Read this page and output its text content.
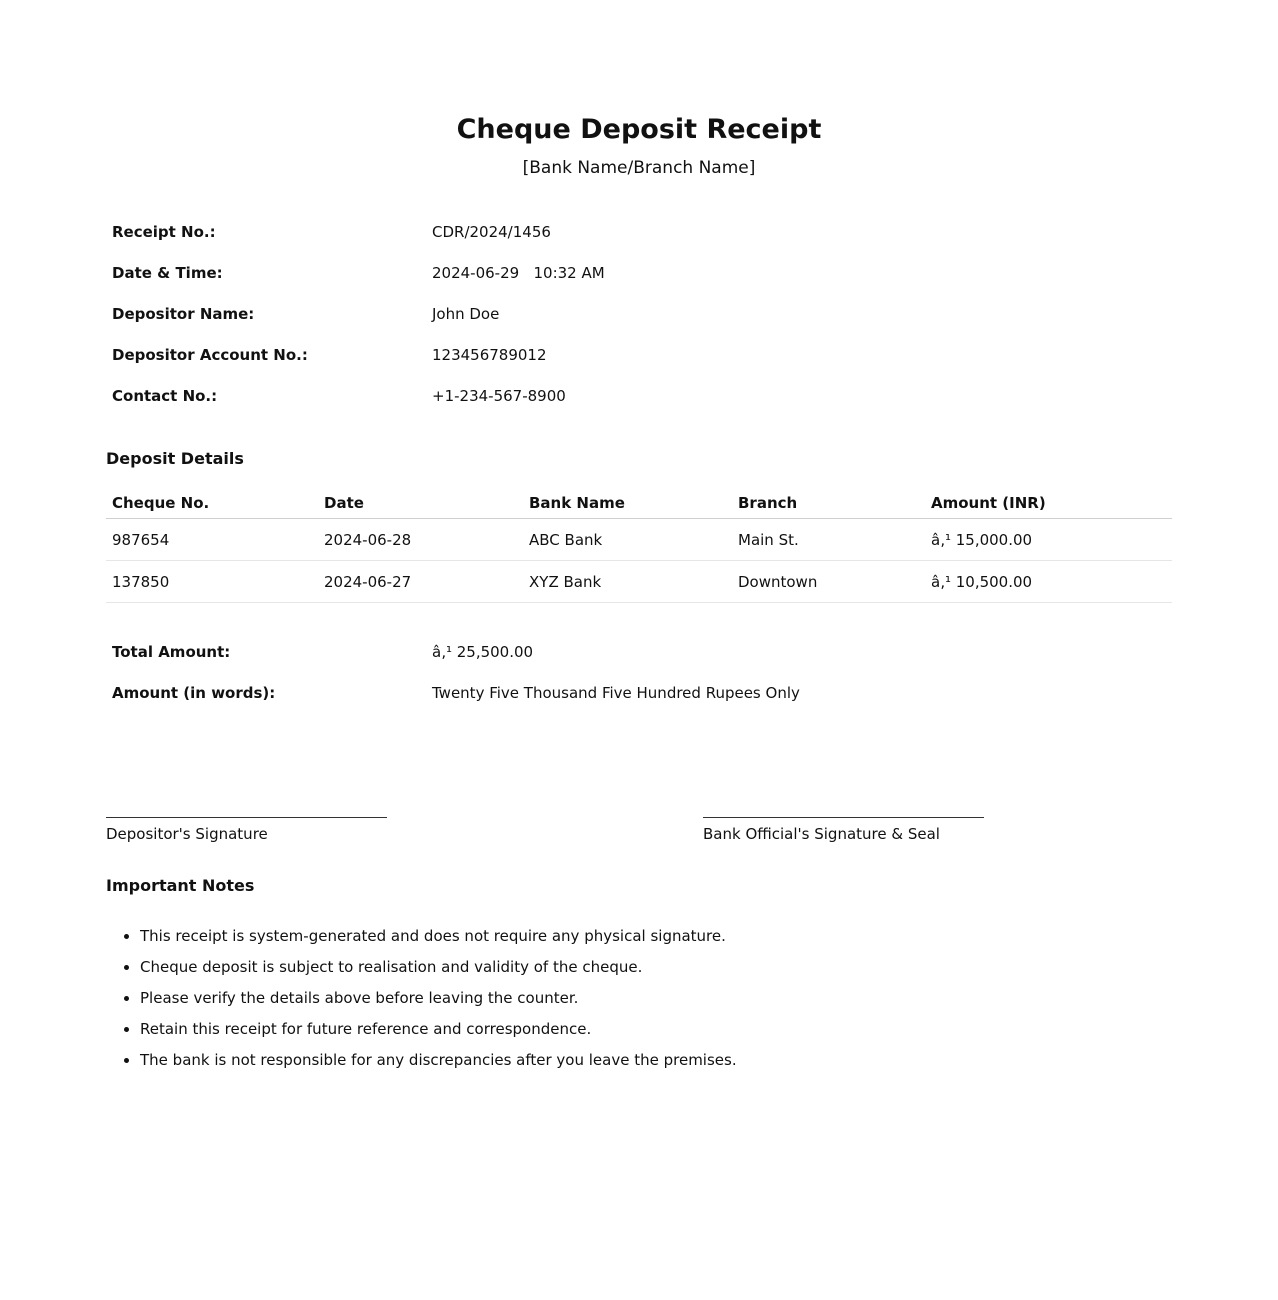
Cheque Deposit Receipt
[Bank Name/Branch Name]
Receipt No.:	CDR/2024/1456
Date & Time:	2024-06-29   10:32 AM
Depositor Name:	John Doe
Depositor Account No.:	123456789012
Contact No.:	+1-234-567-8900
Deposit Details
Cheque No.	Date	Bank Name	Branch	Amount (INR)
987654	2024-06-28	ABC Bank	Main St.	â‚¹ 15,000.00
137850	2024-06-27	XYZ Bank	Downtown	â‚¹ 10,500.00
Total Amount:	â‚¹ 25,500.00
Amount (in words):	Twenty Five Thousand Five Hundred Rupees Only
Depositor's Signature	Bank Official's Signature & Seal
Important Notes
• This receipt is system-generated and does not require any physical signature.
• Cheque deposit is subject to realisation and validity of the cheque.
• Please verify the details above before leaving the counter.
• Retain this receipt for future reference and correspondence.
• The bank is not responsible for any discrepancies after you leave the premises.
